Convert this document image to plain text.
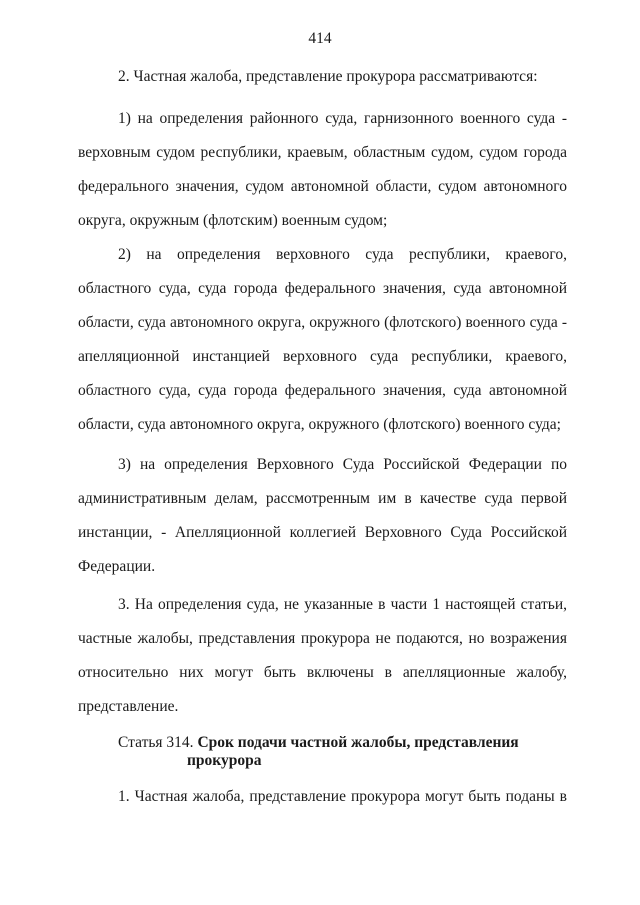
414
2. Частная жалоба, представление прокурора рассматриваются:
1) на определения районного суда, гарнизонного военного суда -
верховным судом республики, краевым, областным судом, судом города
федерального значения, судом автономной области, судом автономного
округа, окружным (флотским) военным судом;
2) на определения верховного суда республики, краевого,
областного суда, суда города федерального значения, суда автономной
области, суда автономного округа, окружного (флотского) военного суда -
апелляционной инстанцией верховного суда республики, краевого,
областного суда, суда города федерального значения, суда автономной
области, суда автономного округа, окружного (флотского) военного суда;
3) на определения Верховного Суда Российской Федерации по
административным делам, рассмотренным им в качестве суда первой
инстанции, - Апелляционной коллегией Верховного Суда Российской
Федерации.
3. На определения суда, не указанные в части 1 настоящей статьи,
частные жалобы, представления прокурора не подаются, но возражения
относительно них могут быть включены в апелляционные жалобу,
представление.
Статья 314. Срок подачи частной жалобы, представления
прокурора
1. Частная жалоба, представление прокурора могут быть поданы в
